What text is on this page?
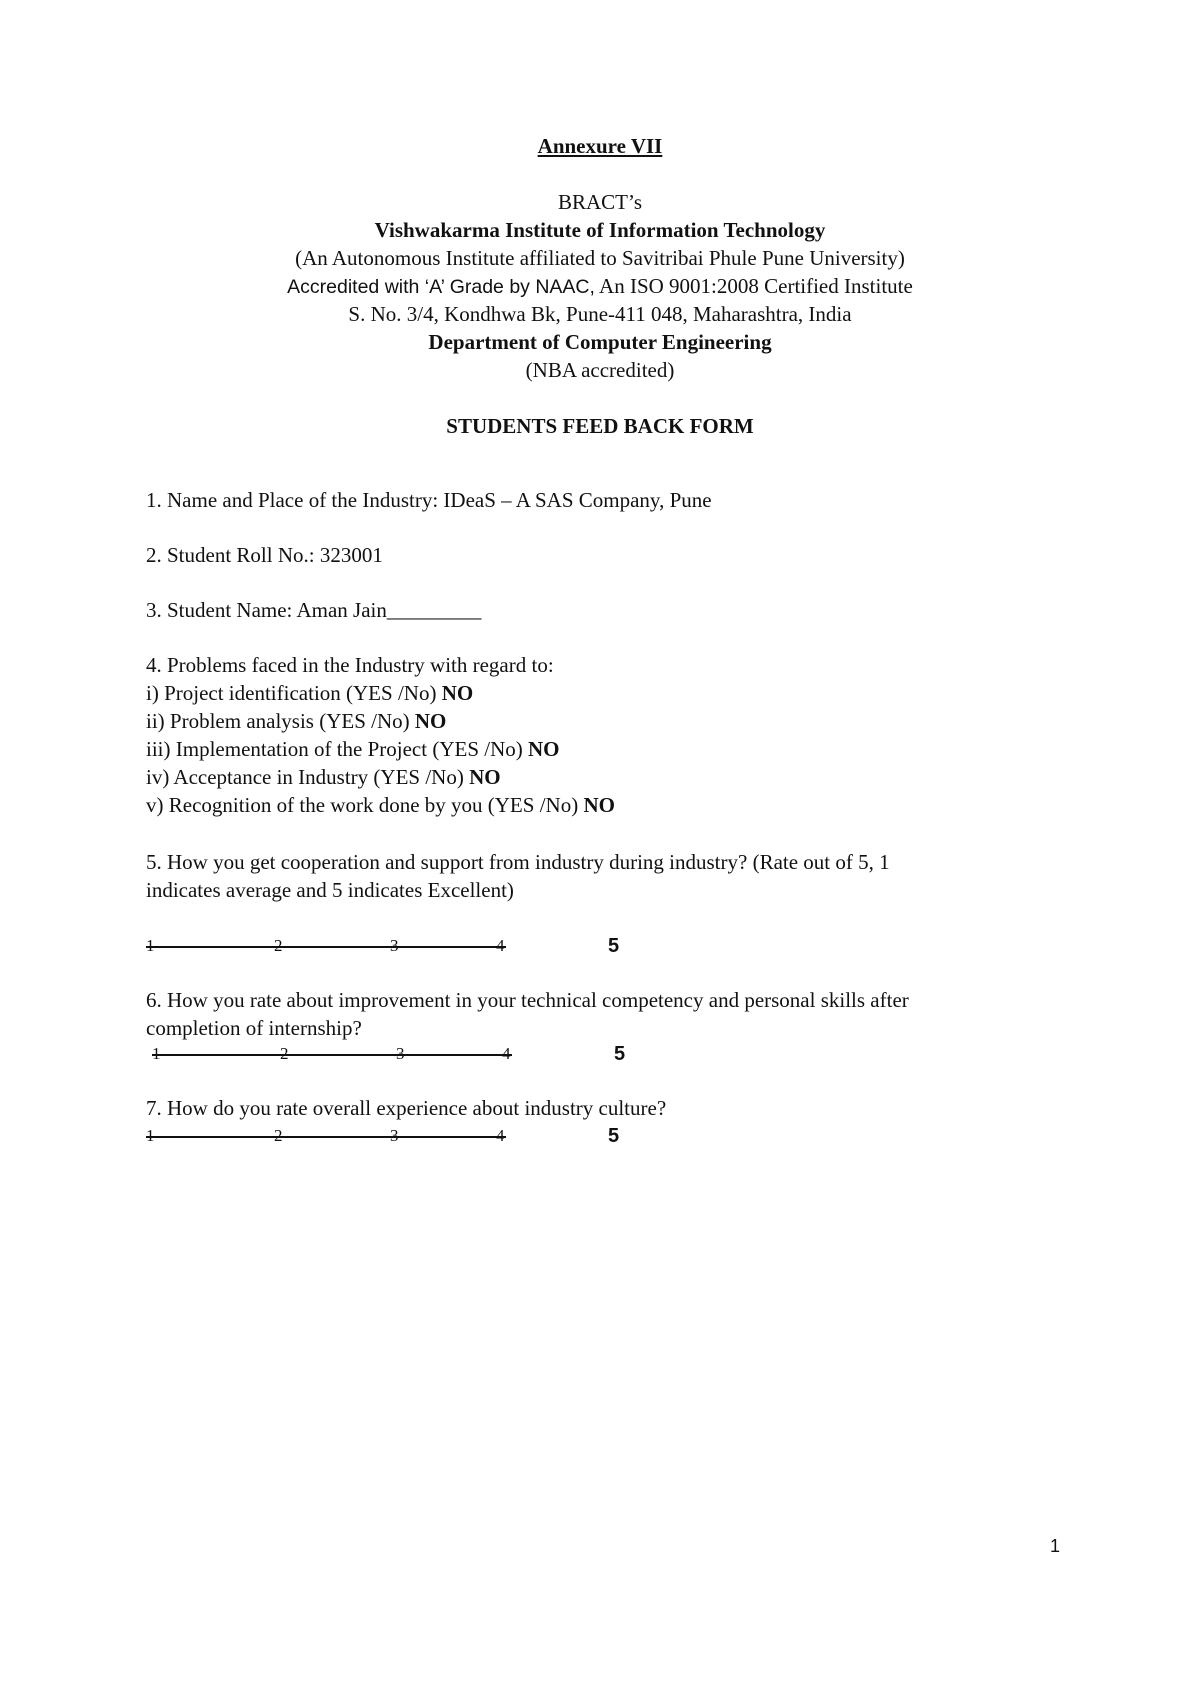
Annexure VII
BRACT’s
Vishwakarma Institute of Information Technology
(An Autonomous Institute affiliated to Savitribai Phule Pune University)
Accredited with ‘A’ Grade by NAAC, An ISO 9001:2008 Certified Institute
S. No. 3/4, Kondhwa Bk, Pune-411 048, Maharashtra, India
Department of Computer Engineering
(NBA accredited)
STUDENTS FEED BACK FORM
1. Name and Place of the Industry: IDeaS – A SAS Company, Pune
2. Student Roll No.: 323001
3. Student Name: Aman Jain_________
4. Problems faced in the Industry with regard to:
i) Project identification (YES /No) NO
ii) Problem analysis (YES /No) NO
iii) Implementation of the Project (YES /No) NO
iv) Acceptance in Industry (YES /No) NO
v) Recognition of the work done by you (YES /No) NO
5. How you get cooperation and support from industry during industry? (Rate out of 5, 1
indicates average and 5 indicates Excellent)
1	2	3	4	5
6. How you rate about improvement in your technical competency and personal skills after
completion of internship?
1	2	3	4	5
7. How do you rate overall experience about industry culture?
1	2	3	4	5
1
